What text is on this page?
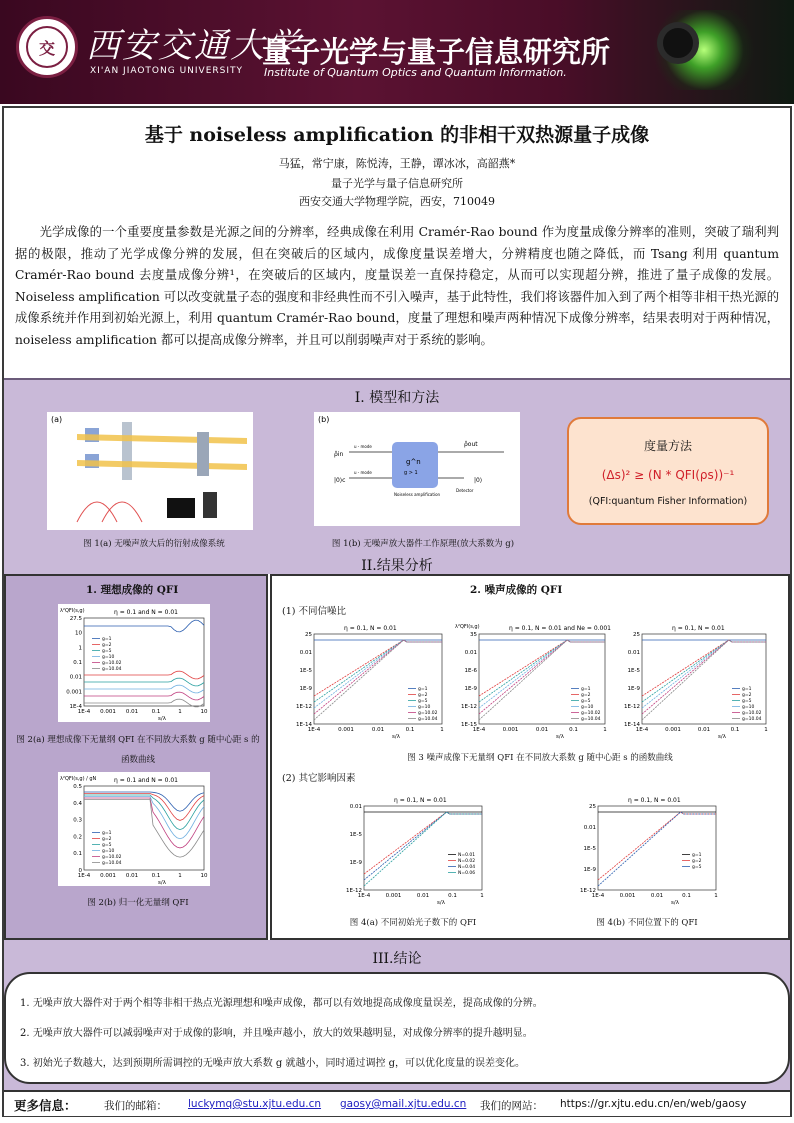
交 西安交通大学
XI'AN JIAOTONG UNIVERSITY
量子光学与量子信息研究所
Institute of Quantum Optics and Quantum Information.
基于 noiseless amplification 的非相干双热源量子成像
马猛，常宁康，陈悦涛，王静，谭冰冰，高韶燕*
量子光学与量子信息研究所
西安交通大学物理学院，西安，710049
光学成像的一个重要度量参数是光源之间的分辨率，经典成像在利用 Cramér-Rao bound 作为度量成像分辨率的准则，突破了瑞利判据的极限，推动了光学成像分辨的发展，但在突破后的区域内，成像度量误差增大，分辨精度也随之降低，而 Tsang 利用 quantum Cramér-Rao bound 去度量成像分辨¹，在突破后的区域内，度量误差一直保持稳定，从而可以实现超分辨，推进了量子成像的发展。Noiseless amplification 可以改变就量子态的强度和非经典性而不引入噪声，基于此特性，我们将该器件加入到了两个相等非相干热光源的成像系统并作用到初始光源上，利用 quantum Cramér-Rao bound，度量了理想和噪声两种情况下成像分辨率，结果表明对于两种情况，noiseless amplification 都可以提高成像分辨率，并且可以削弱噪声对于系统的影响。
I. 模型和方法
(a)
图 1(a) 无噪声放大后的衍射成像系统
(b)
ρ̂in
|0⟩c
u - mode
u - mode
g^n
g > 1
Noiseless amplification
ρ̂out
|0⟩
Detector
图 1(b) 无噪声放大器件工作原理(放大系数为 g)
度量方法
(Δs)² ≥ (N * QFI(ρs))⁻¹
(QFI:quantum Fisher Information)
II.结果分析
1. 理想成像的 QFI	2. 噪声成像的 QFI
(1) 不同信噪比
(2) 其它影响因素
η = 0.1 and N = 0.01
λ²QFI(s,g)
27.5
10
1
0.1
0.01
0.001
1E-4
1E-4 0.001 0.01 0.1	1	10
s/λ
g=1
g=2
g=5
g=10
g=10.02
g=10.04
图 2(a) 理想成像下无量纲 QFI 在不同放大系数 g 随中心距 s 的函数曲线
η = 0.1 and N = 0.01
λ²QFI(s,g) / gN
0.5
0.4
0.3
0.2
0.1
0
1E-4 0.001 0.01 0.1	1	10
s/λ
g=1
g=2
g=5
g=10
g=10.02
g=10.04
图 2(b) 归一化无量纲 QFI
η = 0.1, N = 0.01
25
0.01
1E-5
1E-9
1E-12
1E-14
1E-4	0.001	0.01	0.1	1
s/λ
g=1
g=2
g=5
g=10
g=10.02
g=10.04
η = 0.1, N = 0.01 and Ne = 0.001
λ²QFI(s,g)
35
0.01
1E-6
1E-9
1E-12
1E-15
1E-4	0.001	0.01	0.1	1
s/λ
g=1
g=2
g=5
g=10
g=10.02
g=10.04
η = 0.1, N = 0.01
25
0.01
1E-5
1E-9
1E-12
1E-14
1E-4	0.001	0.01	0.1	1
s/λ
g=1
g=2
g=5
g=10
g=10.02
g=10.04
图 3 噪声成像下无量纲 QFI 在不同放大系数 g 随中心距 s 的函数曲线
η = 0.1, N = 0.01
0.01
1E-5
1E-9
1E-12
1E-4	0.001	0.01	0.1	1
s/λ
N=0.01
N=0.02
N=0.04
N=0.06
图 4(a) 不同初始光子数下的 QFI
η = 0.1, N = 0.01
25
0.01
1E-5
1E-9
1E-12
1E-4	0.001	0.01	0.1	1
s/λ
g=1
g=2
g=5
图 4(b) 不同位置下的 QFI
III.结论

1. 无噪声放大器件对于两个相等非相干热点光源理想和噪声成像，都可以有效地提高成像度量误差，提高成像的分辨。

2. 无噪声放大器件可以减弱噪声对于成像的影响，并且噪声越小，放大的效果越明显，对成像分辨率的提升越明显。

3. 初始光子数越大，达到预期所需调控的无噪声放大系数 g 就越小，同时通过调控 g，可以优化度量的误差变化。

更多信息：	我们的邮箱： luckymq@stu.xjtu.edu.cn gaosy@mail.xjtu.edu.cn 我们的网站： https://gr.xjtu.edu.cn/en/web/gaosy
